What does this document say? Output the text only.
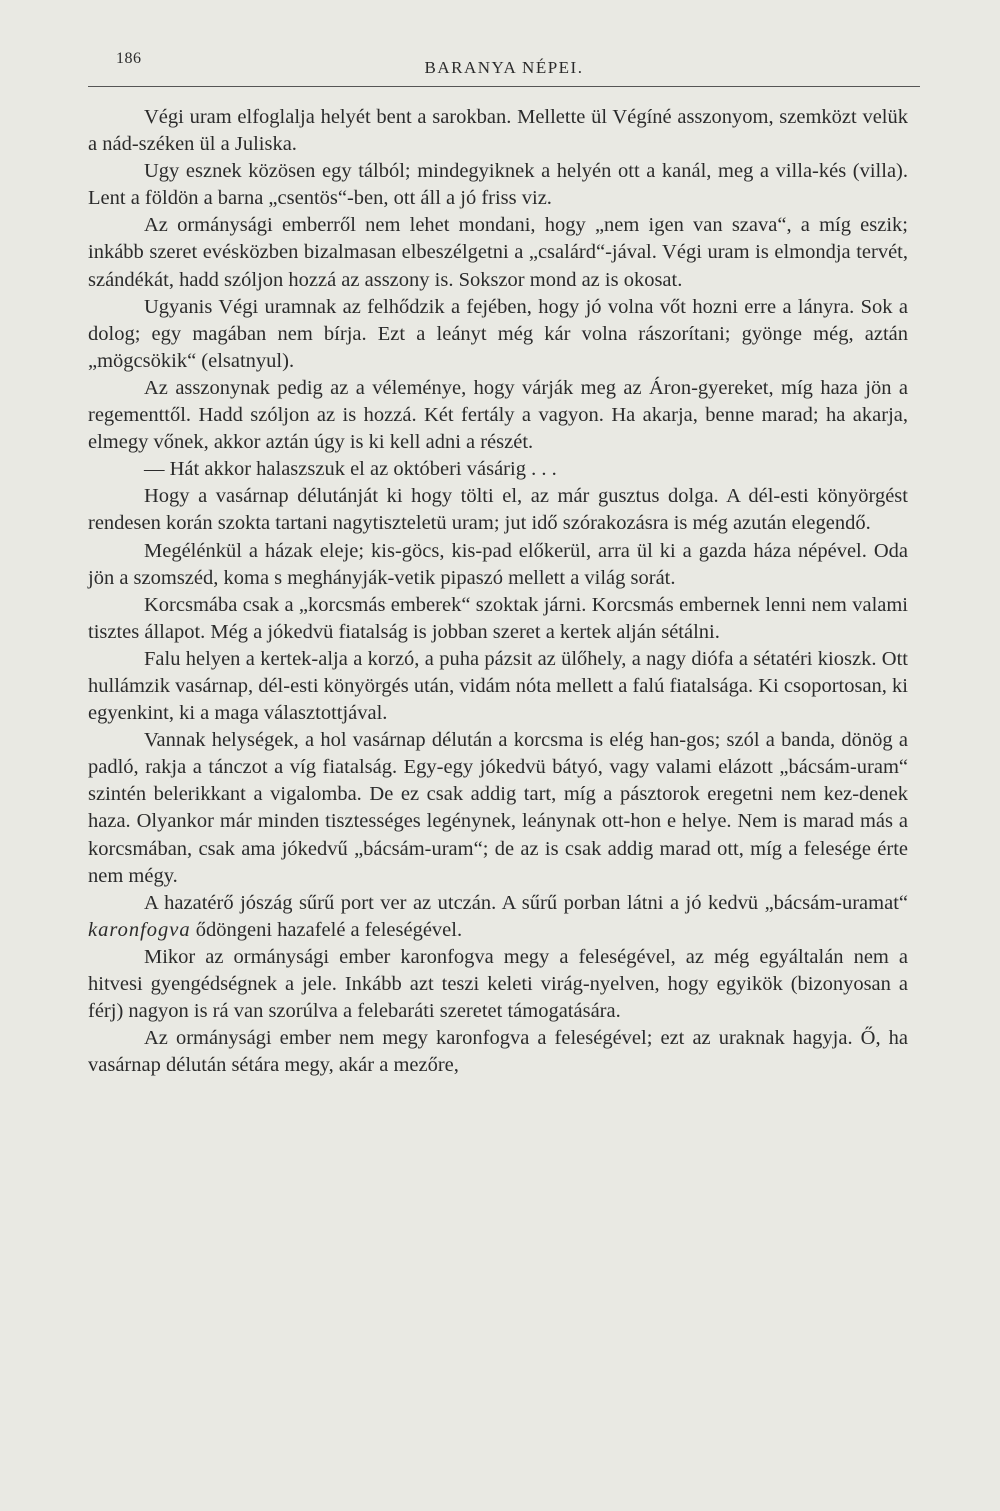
186	BARANYA NÉPEI.

Végi uram elfoglalja helyét bent a sarokban. Mellette ül Végíné asszonyom, szemközt velük a nád-széken ül a Juliska.

Ugy esznek közösen egy tálból; mindegyiknek a helyén ott a kanál, meg a villa-kés (villa). Lent a földön a barna „csentös“-ben, ott áll a jó friss viz.

Az ormánysági emberről nem lehet mondani, hogy „nem igen van szava“, a míg eszik; inkább szeret evésközben bizalmasan elbeszélgetni a „csalárd“-jával. Végi uram is elmondja tervét, szándékát, hadd szóljon hozzá az asszony is. Sokszor mond az is okosat.

Ugyanis Végi uramnak az felhődzik a fejében, hogy jó volna vőt hozni erre a lányra. Sok a dolog; egy magában nem bírja. Ezt a leányt még kár volna rászorítani; gyönge még, aztán „mögcsökik“ (elsatnyul).

Az asszonynak pedig az a véleménye, hogy várják meg az Áron-gyereket, míg haza jön a regementtől. Hadd szóljon az is hozzá. Két fertály a vagyon. Ha akarja, benne marad; ha akarja, elmegy vőnek, akkor aztán úgy is ki kell adni a részét.

— Hát akkor halaszszuk el az októberi vásárig . . .

Hogy a vasárnap délutánját ki hogy tölti el, az már gusztus dolga. A dél-esti könyörgést rendesen korán szokta tartani nagytiszteletü uram; jut idő szórakozásra is még azután elegendő.

Megélénkül a házak eleje; kis-göcs, kis-pad előkerül, arra ül ki a gazda háza népével. Oda jön a szomszéd, koma s meghányják-vetik pipaszó mellett a világ sorát.

Korcsmába csak a „korcsmás emberek“ szoktak járni. Korcsmás embernek lenni nem valami tisztes állapot. Még a jókedvü fiatalság is jobban szeret a kertek alján sétálni.

Falu helyen a kertek-alja a korzó, a puha pázsit az ülőhely, a nagy diófa a sétatéri kioszk. Ott hullámzik vasárnap, dél-esti könyörgés után, vidám nóta mellett a falú fiatalsága. Ki csoportosan, ki egyenkint, ki a maga választottjával.

Vannak helységek, a hol vasárnap délután a korcsma is elég han-gos; szól a banda, dönög a padló, rakja a tánczot a víg fiatalság. Egy-egy jókedvü bátyó, vagy valami elázott „bácsám-uram“ szintén belerikkant a vigalomba. De ez csak addig tart, míg a pásztorok eregetni nem kez-denek haza. Olyankor már minden tisztességes legénynek, leánynak ott-hon e helye. Nem is marad más a korcsmában, csak ama jókedvű „bácsám-uram“; de az is csak addig marad ott, míg a felesége érte nem mégy.

A hazatérő jószág sűrű port ver az utczán. A sűrű porban látni a jó kedvü „bácsám-uramat“ karonfogva ődöngeni hazafelé a feleségével.

Mikor az ormánysági ember karonfogva megy a feleségével, az még egyáltalán nem a hitvesi gyengédségnek a jele. Inkább azt teszi keleti virág-nyelven, hogy egyikök (bizonyosan a férj) nagyon is rá van szorúlva a felebaráti szeretet támogatására.

Az ormánysági ember nem megy karonfogva a feleségével; ezt az uraknak hagyja. Ő, ha vasárnap délután sétára megy, akár a mezőre,
